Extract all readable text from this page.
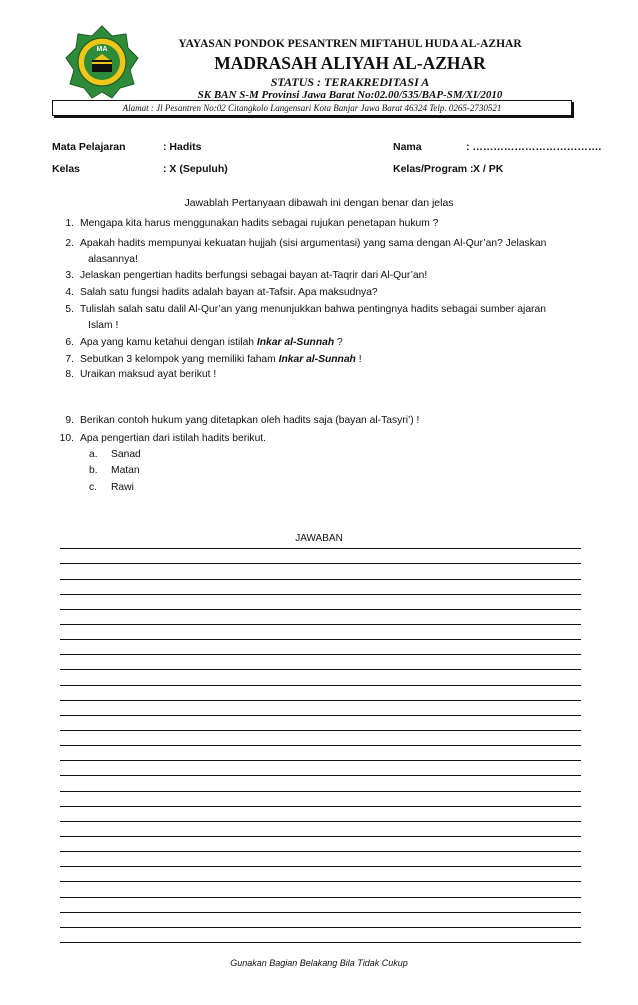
MA	YAYASAN PONDOK PESANTREN MIFTAHUL HUDA AL-AZHAR
MADRASAH ALIYAH AL-AZHAR
STATUS : TERAKREDITASI A
SK BAN S-M Provinsi Jawa Barat No:02.00/535/BAP-SM/XI/2010
Alamat : Jl Pesantren No:02 Citangkolo Langensari Kota Banjar Jawa Barat 46324 Telp. 0265-2730521
Mata Pelajaran	: Hadits	Nama	: ……………………………….
Kelas	: X (Sepuluh)	Kelas/Program : X / PK
Jawablah Pertanyaan dibawah ini dengan benar dan jelas
1. Mengapa kita harus menggunakan hadits sebagai rujukan penetapan hukum ?
2. Apakah hadits mempunyai kekuatan hujjah (sisi argumentasi) yang sama dengan Al-Qur’an? Jelaskan
alasannya!
3. Jelaskan pengertian hadits berfungsi sebagai bayan at-Taqrir dari Al-Qur’an!
4. Salah satu fungsi hadits adalah bayan at-Tafsir. Apa maksudnya?
5. Tulislah salah satu dalil Al-Qur’an yang menunjukkan bahwa pentingnya hadits sebagai sumber ajaran
Islam !
6. Apa yang kamu ketahui dengan istilah Inkar al-Sunnah ?
7. Sebutkan 3 kelompok yang memiliki faham Inkar al-Sunnah !
8. Uraikan maksud ayat berikut !
9. Berikan contoh hukum yang ditetapkan oleh hadits saja (bayan al-Tasyri’) !
10. Apa pengertian dari istilah hadits berikut.
a. Sanad
b. Matan
c. Rawi
JAWABAN
Gunakan Bagian Belakang Bila Tidak Cukup
